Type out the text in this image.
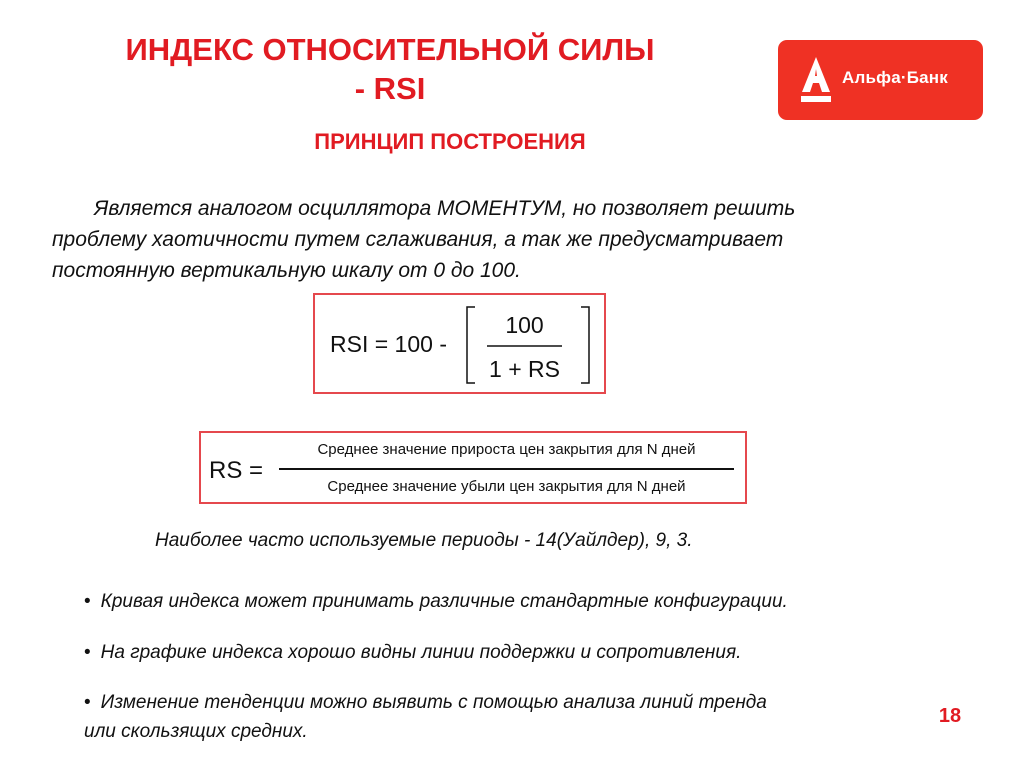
ИНДЕКС ОТНОСИТЕЛЬНОЙ СИЛЫ
- RSI	Альфа·Банк
ПРИНЦИП ПОСТРОЕНИЯ
Является аналогом осциллятора МОМЕНТУМ, но позволяет решить
проблему хаотичности путем сглаживания, а так же предусматривает
постоянную вертикальную шкалу от 0 до 100.
RSI = 100 -
100
1 + RS
RS =
Среднее значение прироста цен закрытия для N дней
Среднее значение убыли цен закрытия для N дней
Наиболее часто используемые периоды - 14(Уайлдер), 9, 3.
• Кривая индекса может принимать различные стандартные конфигурации.
• На графике индекса хорошо видны линии поддержки и сопротивления.
• Изменение тенденции можно выявить с помощью анализа линий тренда
или скользящих средних.
18
